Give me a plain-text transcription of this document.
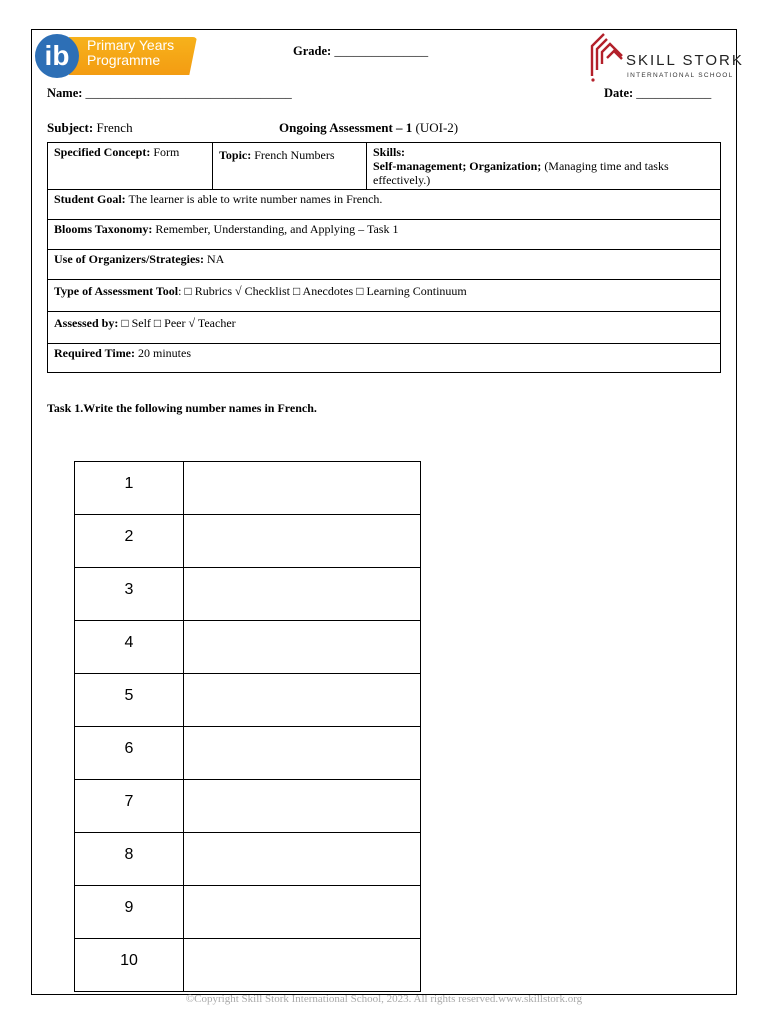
ib	Primary Years
Programme
Grade: _______________
SKILL STORK
INTERNATIONAL SCHOOL
Name: _________________________________	Date: ____________
Subject: French	Ongoing Assessment – 1 (UOI-2)
Specified Concept: Form	Topic: French Numbers	Skills:
Self-management; Organization; (Managing time and tasks effectively.)

Student Goal: The learner is able to write number names in French.
Blooms Taxonomy: Remember, Understanding, and Applying – Task 1
Use of Organizers/Strategies: NA
Type of Assessment Tool: □ Rubrics √ Checklist □ Anecdotes □ Learning Continuum
Assessed by: □ Self □ Peer √ Teacher
Required Time: 20 minutes
Task 1.Write the following number names in French.
1	
2	
3	
4	
5	
6	
7	
8	
9	
10	
©Copyright Skill Stork International School, 2023. All rights reserved.www.skillstork.org
